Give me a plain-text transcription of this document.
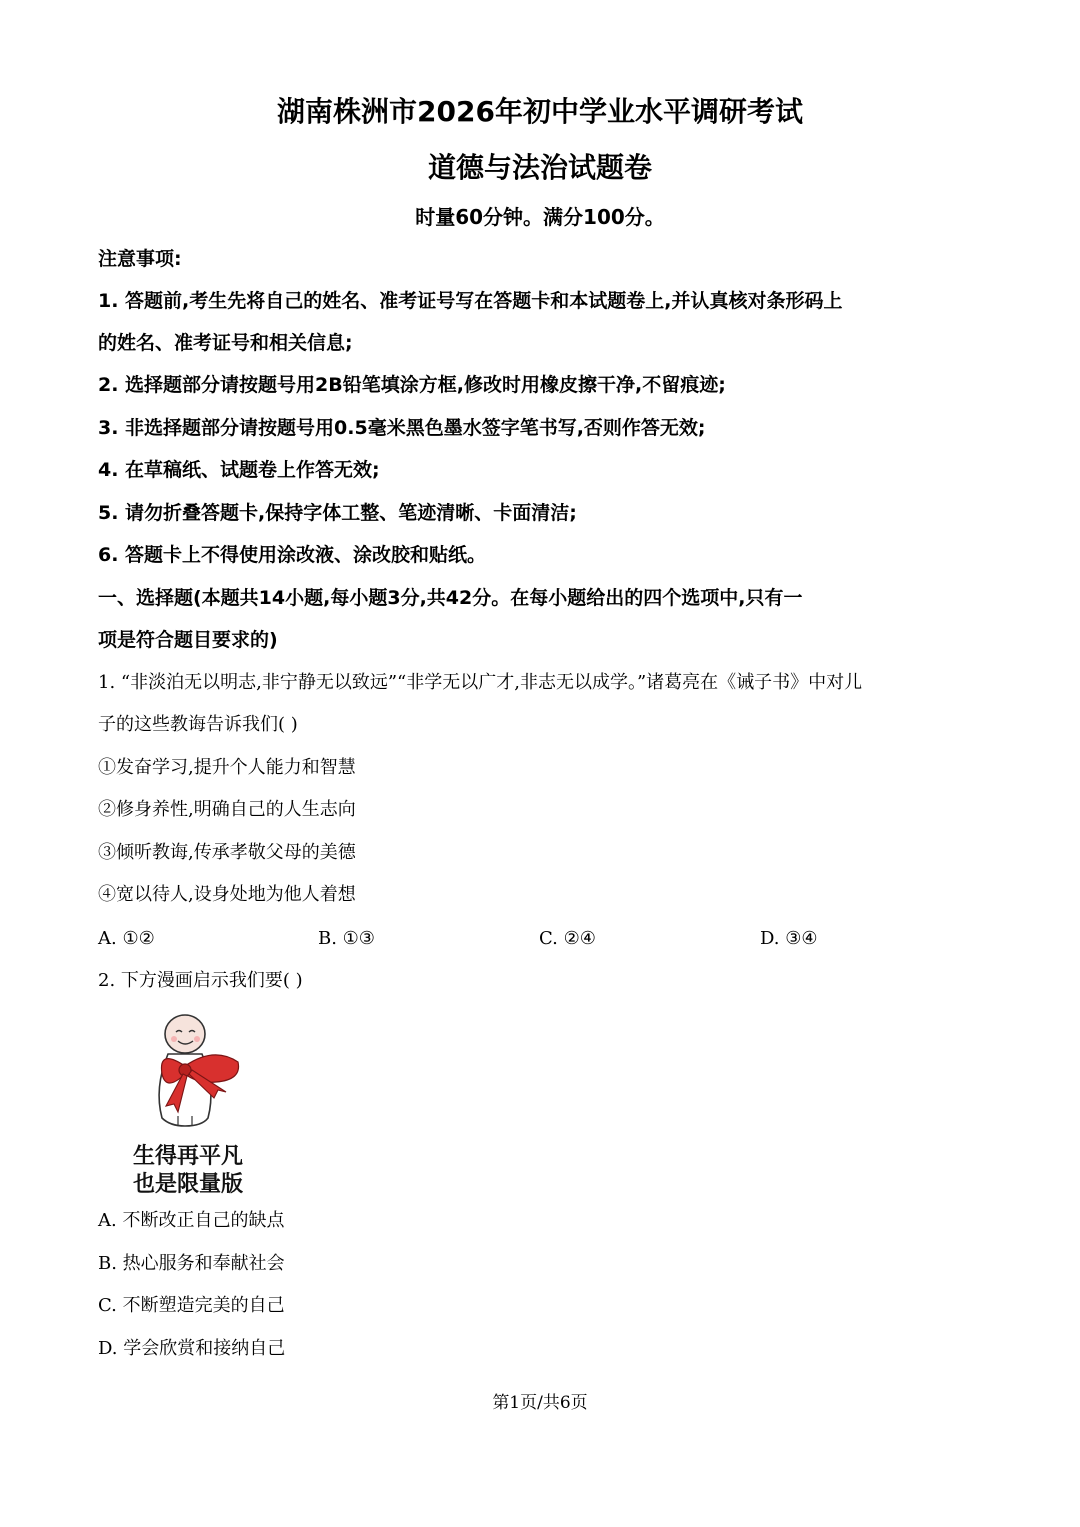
湖南株洲市2026年初中学业水平调研考试
道德与法治试题卷
时量60分钟。满分100分。
注意事项:
1. 答题前,考生先将自己的姓名、准考证号写在答题卡和本试题卷上,并认真核对条形码上
的姓名、准考证号和相关信息;
2. 选择题部分请按题号用2B铅笔填涂方框,修改时用橡皮擦干净,不留痕迹;
3. 非选择题部分请按题号用0.5毫米黑色墨水签字笔书写,否则作答无效;
4. 在草稿纸、试题卷上作答无效;
5. 请勿折叠答题卡,保持字体工整、笔迹清晰、卡面清洁;
6. 答题卡上不得使用涂改液、涂改胶和贴纸。
一、选择题(本题共14小题,每小题3分,共42分。在每小题给出的四个选项中,只有一
项是符合题目要求的)
1. “非淡泊无以明志,非宁静无以致远”“非学无以广才,非志无以成学。”诸葛亮在《诫子书》中对儿
子的这些教诲告诉我们( )
①发奋学习,提升个人能力和智慧
②修身养性,明确自己的人生志向
③倾听教诲,传承孝敬父母的美德
④宽以待人,设身处地为他人着想
A. ①②	B. ①③	C. ②④	D. ③④
2. 下方漫画启示我们要( )
生得再平凡
也是限量版
A. 不断改正自己的缺点
B. 热心服务和奉献社会
C. 不断塑造完美的自己
D. 学会欣赏和接纳自己
第1页/共6页
